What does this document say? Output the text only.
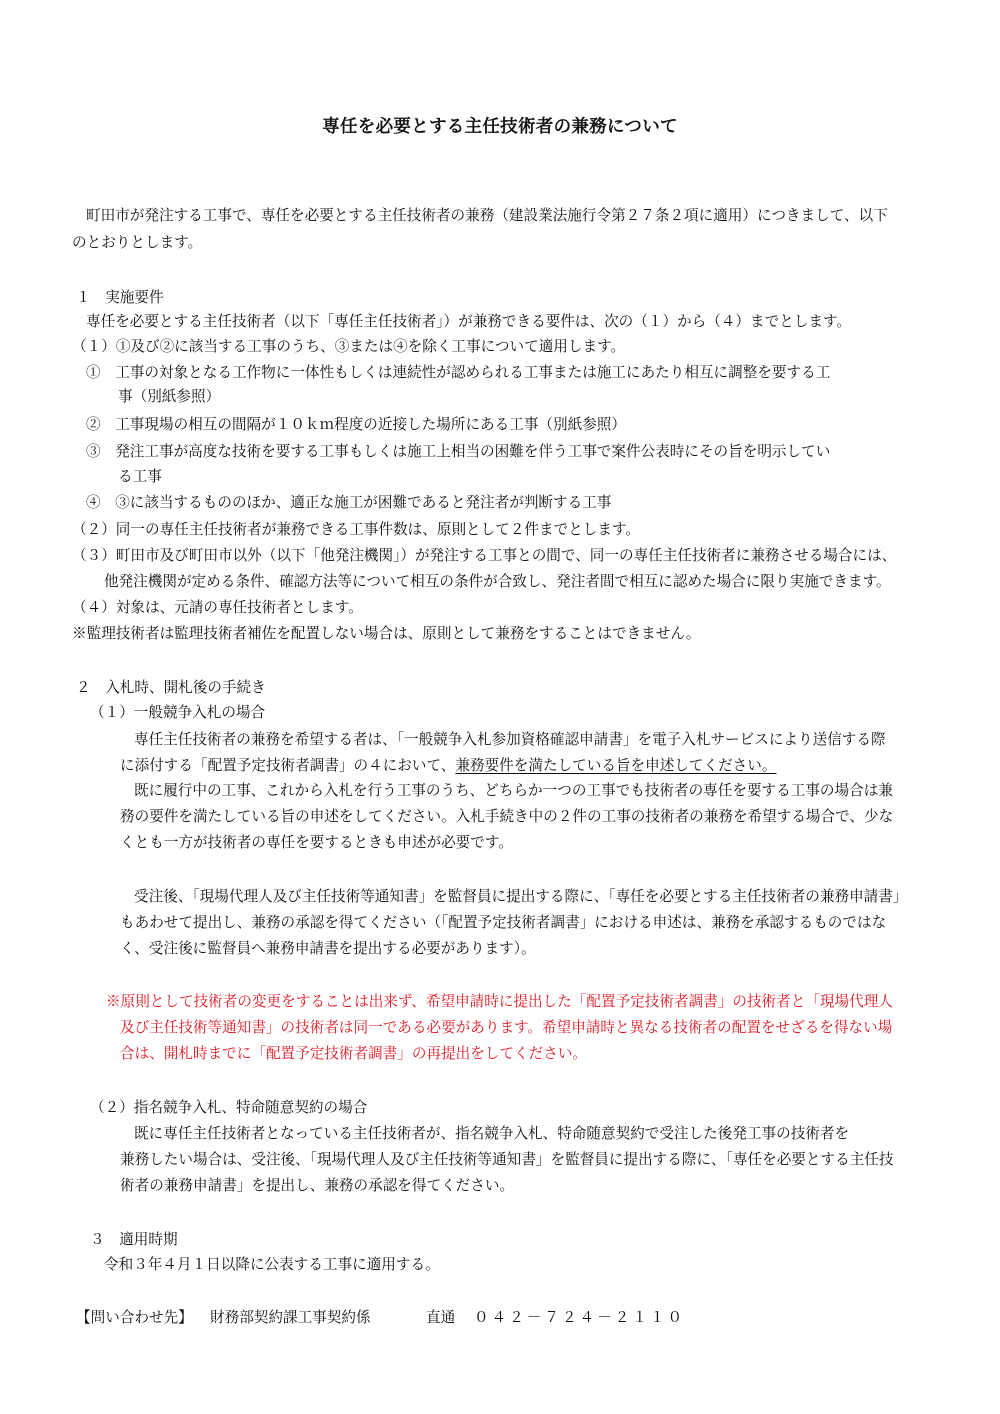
専任を必要とする主任技術者の兼務について
町田市が発注する工事で、専任を必要とする主任技術者の兼務（建設業法施行令第２７条２項に適用）につきまして、以下
のとおりとします。
１　実施要件
専任を必要とする主任技術者（以下「専任主任技術者」）が兼務できる要件は、次の（１）から（４）までとします。
（１）①及び②に該当する工事のうち、③または④を除く工事について適用します。
①　工事の対象となる工作物に一体性もしくは連続性が認められる工事または施工にあたり相互に調整を要する工
事（別紙参照）
②　工事現場の相互の間隔が１０ｋｍ程度の近接した場所にある工事（別紙参照）
③　発注工事が高度な技術を要する工事もしくは施工上相当の困難を伴う工事で案件公表時にその旨を明示してい
る工事
④　③に該当するもののほか、適正な施工が困難であると発注者が判断する工事
（２）同一の専任主任技術者が兼務できる工事件数は、原則として２件までとします。
（３）町田市及び町田市以外（以下「他発注機関」）が発注する工事との間で、同一の専任主任技術者に兼務させる場合には、
他発注機関が定める条件、確認方法等について相互の条件が合致し、発注者間で相互に認めた場合に限り実施できます。
（４）対象は、元請の専任技術者とします。
※監理技術者は監理技術者補佐を配置しない場合は、原則として兼務をすることはできません。
２　入札時、開札後の手続き
（１）一般競争入札の場合
専任主任技術者の兼務を希望する者は、「一般競争入札参加資格確認申請書」を電子入札サービスにより送信する際
に添付する「配置予定技術者調書」の４において、兼務要件を満たしている旨を申述してください。
既に履行中の工事、これから入札を行う工事のうち、どちらか一つの工事でも技術者の専任を要する工事の場合は兼
務の要件を満たしている旨の申述をしてください。入札手続き中の２件の工事の技術者の兼務を希望する場合で、少な
くとも一方が技術者の専任を要するときも申述が必要です。
受注後、「現場代理人及び主任技術等通知書」を監督員に提出する際に、「専任を必要とする主任技術者の兼務申請書」
もあわせて提出し、兼務の承認を得てください（「配置予定技術者調書」における申述は、兼務を承認するものではな
く、受注後に監督員へ兼務申請書を提出する必要があります）。
※原則として技術者の変更をすることは出来ず、希望申請時に提出した「配置予定技術者調書」の技術者と「現場代理人
及び主任技術等通知書」の技術者は同一である必要があります。希望申請時と異なる技術者の配置をせざるを得ない場
合は、開札時までに「配置予定技術者調書」の再提出をしてください。
（２）指名競争入札、特命随意契約の場合
既に専任主任技術者となっている主任技術者が、指名競争入札、特命随意契約で受注した後発工事の技術者を
兼務したい場合は、受注後、「現場代理人及び主任技術等通知書」を監督員に提出する際に、「専任を必要とする主任技
術者の兼務申請書」を提出し、兼務の承認を得てください。
３　適用時期
令和３年４月１日以降に公表する工事に適用する。
【問い合わせ先】 財務部契約課工事契約係	直通 ０４２－７２４－２１１０
